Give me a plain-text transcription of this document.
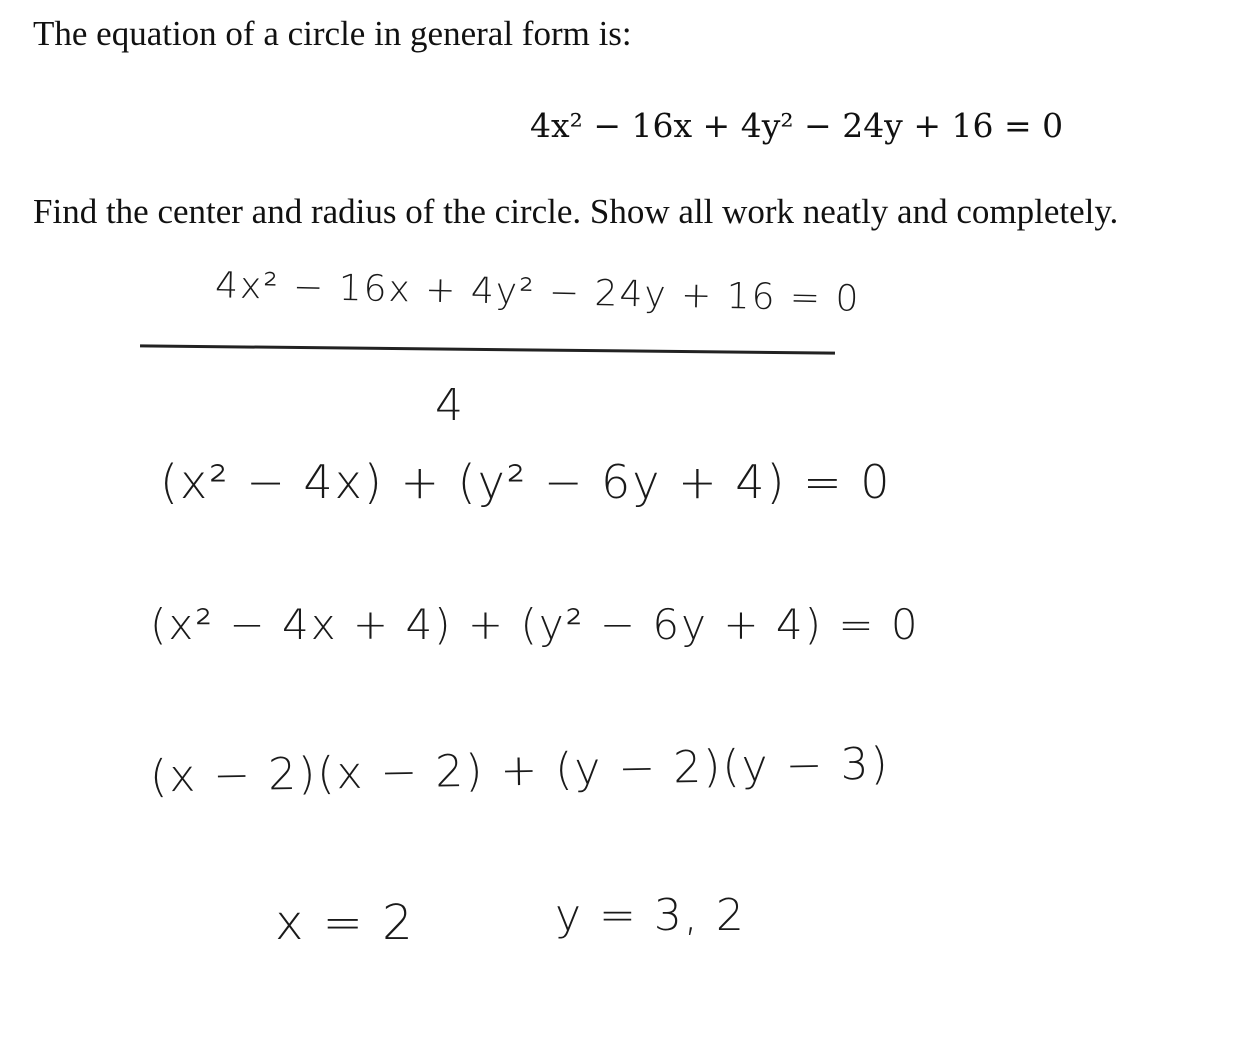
The equation of a circle in general form is:
4x² − 16x + 4y² − 24y + 16 = 0
Find the center and radius of the circle. Show all work neatly and completely.
4x² − 16x + 4y² − 24y + 16 = 0
4
(x² − 4x) + (y² − 6y + 4) = 0
(x² − 4x + 4) + (y² − 6y + 4) = 0
(x − 2)(x − 2) + (y − 2)(y − 3)
x = 2	y = 3, 2
